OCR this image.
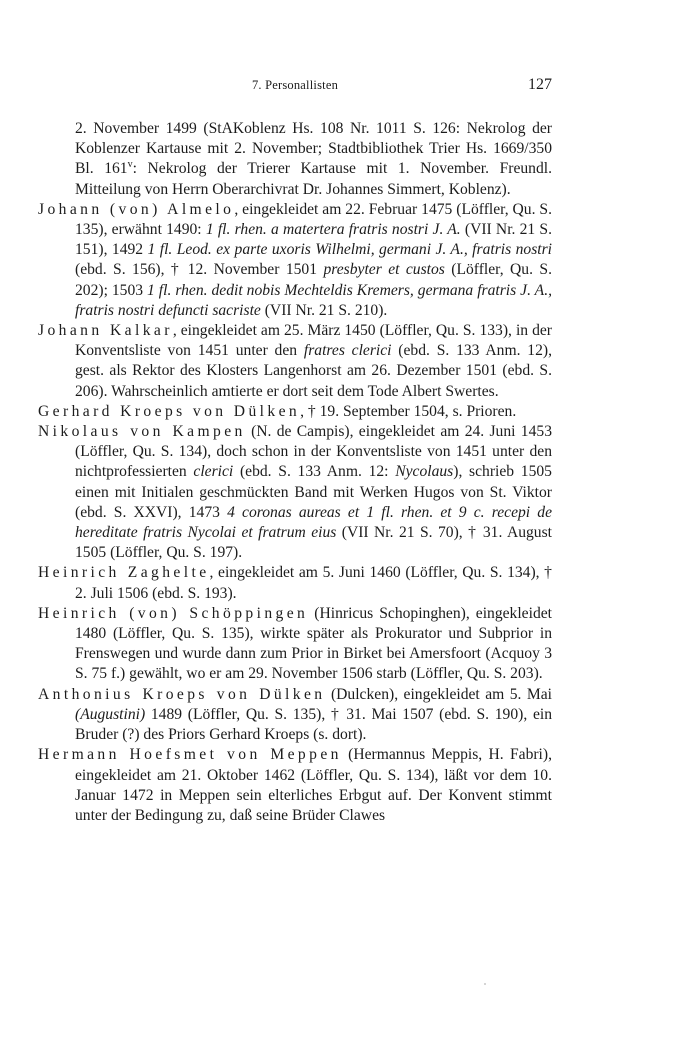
7. Personallisten	127

2. November 1499 (StAKoblenz Hs. 108 Nr. 1011 S. 126: Nekrolog der Koblenzer Kartause mit 2. November; Stadtbibliothek Trier Hs. 1669/350 Bl. 161$^v$: Nekrolog der Trierer Kartause mit 1. November. Freundl. Mitteilung von Herrn Oberarchivrat Dr. Johannes Simmert, Koblenz).

Johann (von) Almelo, eingekleidet am 22. Februar 1475 (Löffler, Qu. S. 135), erwähnt 1490: 1 fl. rhen. a matertera fratris nostri J. A. (VII Nr. 21 S. 151), 1492 1 fl. Leod. ex parte uxoris Wilhelmi, germani J. A., fratris nostri (ebd. S. 156), † 12. November 1501 presbyter et custos (Löffler, Qu. S. 202); 1503 1 fl. rhen. dedit nobis Mechteldis Kremers, germana fratris J. A., fratris nostri defuncti sacriste (VII Nr. 21 S. 210).

Johann Kalkar, eingekleidet am 25. März 1450 (Löffler, Qu. S. 133), in der Konventsliste von 1451 unter den fratres clerici (ebd. S. 133 Anm. 12), gest. als Rektor des Klosters Langenhorst am 26. Dezember 1501 (ebd. S. 206). Wahrscheinlich amtierte er dort seit dem Tode Albert Swertes.

Gerhard Kroeps von Dülken, † 19. September 1504, s. Prioren.

Nikolaus von Kampen (N. de Campis), eingekleidet am 24. Juni 1453 (Löffler, Qu. S. 134), doch schon in der Konventsliste von 1451 unter den nichtprofessierten clerici (ebd. S. 133 Anm. 12: Nycolaus), schrieb 1505 einen mit Initialen geschmückten Band mit Werken Hugos von St. Viktor (ebd. S. XXVI), 1473 4 coronas aureas et 1 fl. rhen. et 9 c. recepi de hereditate fratris Nycolai et fratrum eius (VII Nr. 21 S. 70), † 31. August 1505 (Löffler, Qu. S. 197).

Heinrich Zaghelte, eingekleidet am 5. Juni 1460 (Löffler, Qu. S. 134), † 2. Juli 1506 (ebd. S. 193).

Heinrich (von) Schöppingen (Hinricus Schopinghen), eingekleidet 1480 (Löffler, Qu. S. 135), wirkte später als Prokurator und Subprior in Frenswegen und wurde dann zum Prior in Birket bei Amersfoort (Acquoy 3 S. 75 f.) gewählt, wo er am 29. November 1506 starb (Löffler, Qu. S. 203).

Anthonius Kroeps von Dülken (Dulcken), eingekleidet am 5. Mai (Augustini) 1489 (Löffler, Qu. S. 135), † 31. Mai 1507 (ebd. S. 190), ein Bruder (?) des Priors Gerhard Kroeps (s. dort).

Hermann Hoefsmet von Meppen (Hermannus Meppis, H. Fabri), eingekleidet am 21. Oktober 1462 (Löffler, Qu. S. 134), läßt vor dem 10. Januar 1472 in Meppen sein elterliches Erbgut auf. Der Konvent stimmt unter der Bedingung zu, daß seine Brüder Clawes
